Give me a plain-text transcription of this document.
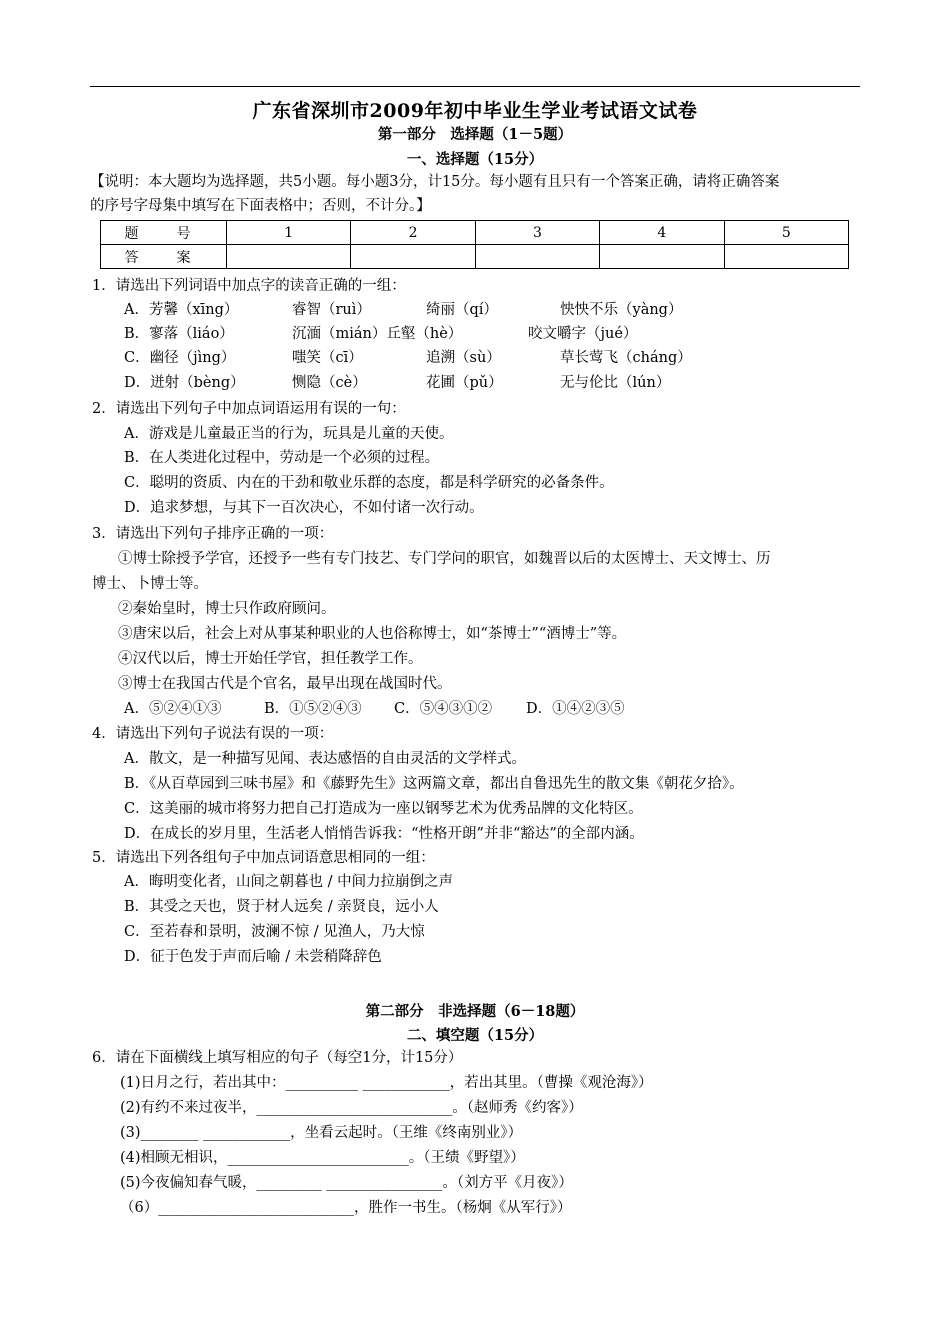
广东省深圳市2009年初中毕业生学业考试语文试卷
第一部分　选择题（1－5题）
一、选择题（15分）
【说明：本大题均为选择题，共5小题。每小题3分，计15分。每小题有且只有一个答案正确，请将正确答案
的序号字母集中填写在下面表格中；否则，不计分。】
题　号	1	2	3	4	5
答　案					
1．请选出下列词语中加点字的读音正确的一组：
A．芳馨（xīng）	睿智（ruì）	绮丽（qí）	怏怏不乐（yàng）
B．寥落（liáo）	沉湎（mián）丘壑（hè）	咬文嚼字（jué）
C．幽径（jìng）	嗤笑（cī）	追溯（sù）	草长莺飞（cháng）
D．迸射（bèng）	恻隐（cè）	花圃（pǔ）	无与伦比（lún）
2．请选出下列句子中加点词语运用有误的一句：
A．游戏是儿童最正当的行为，玩具是儿童的天使。
B．在人类进化过程中，劳动是一个必须的过程。
C．聪明的资质、内在的干劲和敬业乐群的态度，都是科学研究的必备条件。
D．追求梦想，与其下一百次决心，不如付诸一次行动。
3．请选出下列句子排序正确的一项：
①博士除授予学官，还授予一些有专门技艺、专门学问的职官，如魏晋以后的太医博士、天文博士、历
博士、卜博士等。
②秦始皇时，博士只作政府顾问。
③唐宋以后，社会上对从事某种职业的人也俗称博士，如“茶博士”“酒博士”等。
④汉代以后，博士开始任学官，担任教学工作。
③博士在我国古代是个官名，最早出现在战国时代。
A．⑤②④①③	B．①⑤②④③ C．⑤④③①② D．①④②③⑤
4．请选出下列句子说法有误的一项：
A．散文，是一种描写见闻、表达感悟的自由灵活的文学样式。
B．《从百草园到三味书屋》和《藤野先生》这两篇文章，都出自鲁迅先生的散文集《朝花夕拾》。
C．这美丽的城市将努力把自己打造成为一座以钢琴艺术为优秀品牌的文化特区。
D．在成长的岁月里，生活老人悄悄告诉我：“性格开朗”并非“豁达”的全部内涵。
5．请选出下列各组句子中加点词语意思相同的一组：
A．晦明变化者，山间之朝暮也 / 中间力拉崩倒之声
B．其受之天也，贤于材人远矣 / 亲贤良，远小人
C．至若春和景明，波澜不惊 / 见渔人，乃大惊
D．征于色发于声而后喻 / 未尝稍降辞色
第二部分　非选择题（6－18题）
二、填空题（15分）
6．请在下面横线上填写相应的句子（每空1分，计15分）
(1)日月之行，若出其中：__________ ____________，若出其里。（曹操《观沧海》）
(2)有约不来过夜半，___________________________。（赵师秀《约客》）
(3)________ ____________，坐看云起时。（王维《终南别业》）
(4)相顾无相识，_________________________。（王绩《野望》）
(5)今夜偏知春气暖，_________ ________________。（刘方平《月夜》）
（6）___________________________，胜作一书生。（杨炯《从军行》）
